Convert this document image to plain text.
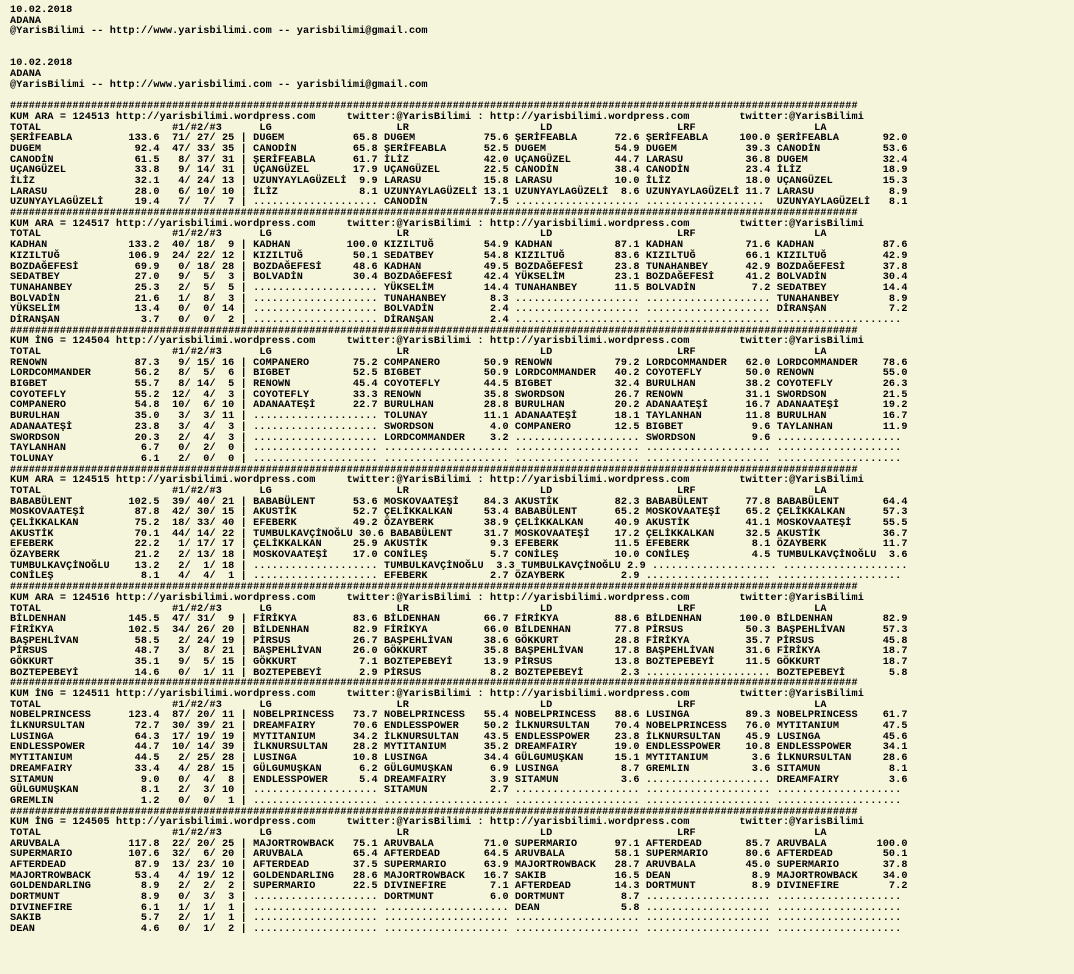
10.02.2018
ADANA
@YarisBilimi -- http://www.yarisbilimi.com -- yarisbilimi@gmail.com
10.02.2018
ADANA
@YarisBilimi -- http://www.yarisbilimi.com -- yarisbilimi@gmail.com
########################################################################################################################################
KUM ARA = 124513 http://yarisbilimi.wordpress.com     twitter:@YarisBilimi : http://yarisbilimi.wordpress.com        twitter:@YarisBilimi
TOTAL                     #1/#2/#3      LG                    LR                     LD                    LRF                   LA
ŞERİFEABLA         133.6  71/ 27/ 25 | DUGEM           65.8 DUGEM           75.6 ŞERİFEABLA      72.6 ŞERİFEABLA     100.0 ŞERİFEABLA       92.0
DUGEM               92.4  47/ 33/ 35 | CANODİN         65.8 ŞERİFEABLA      52.5 DUGEM           54.9 DUGEM           39.3 CANODİN          53.6
CANODİN             61.5   8/ 37/ 31 | ŞERİFEABLA      61.7 İLİZ            42.0 UÇANGÜZEL       44.7 LARASU          36.8 DUGEM            32.4
UÇANGÜZEL           33.8   9/ 14/ 31 | UÇANGÜZEL       17.9 UÇANGÜZEL       22.5 CANODİN         38.4 CANODİN         23.4 İLİZ             18.9
İLİZ                32.1   4/ 24/ 13 | UZUNYAYLAGÜZELİ  9.9 LARASU          15.8 LARASU          10.0 İLİZ            18.0 UÇANGÜZEL        15.3
LARASU              28.0   6/ 10/ 10 | İLİZ             8.1 UZUNYAYLAGÜZELİ 13.1 UZUNYAYLAGÜZELİ  8.6 UZUNYAYLAGÜZELİ 11.7 LARASU            8.9
UZUNYAYLAGÜZELİ     19.4   7/  7/  7 | .................... CANODİN          7.5 .................... ...................  UZUNYAYLAGÜZELİ   8.1
########################################################################################################################################
KUM ARA = 124517 http://yarisbilimi.wordpress.com     twitter:@YarisBilimi : http://yarisbilimi.wordpress.com        twitter:@YarisBilimi
TOTAL                     #1/#2/#3      LG                    LR                     LD                    LRF                   LA
KADHAN             133.2  40/ 18/  9 | KADHAN         100.0 KIZILTUĞ        54.9 KADHAN          87.1 KADHAN          71.6 KADHAN           87.6
KIZILTUĞ           106.9  24/ 22/ 12 | KIZILTUĞ        50.1 SEDATBEY        54.8 KIZILTUĞ        83.6 KIZILTUĞ        66.1 KIZILTUĞ         42.9
BOZDAĞEFESİ         69.9   0/ 18/ 28 | BOZDAĞEFESİ     48.6 KADHAN          49.5 BOZDAĞEFESİ     23.8 TUNAHANBEY      42.9 BOZDAĞEFESİ      37.8
SEDATBEY            27.0   9/  5/  3 | BOLVADİN        30.4 BOZDAĞEFESİ     42.4 YÜKSELİM        23.1 BOZDAĞEFESİ     41.2 BOLVADİN         30.4
TUNAHANBEY          25.3   2/  5/  5 | .................... YÜKSELİM        14.4 TUNAHANBEY      11.5 BOLVADİN         7.2 SEDATBEY         14.4
BOLVADİN            21.6   1/  8/  3 | .................... TUNAHANBEY       8.3 .................... .................... TUNAHANBEY        8.9
YÜKSELİM            13.4   0/  0/ 14 | .................... BOLVADİN         2.4 .................... .................... DİRANŞAN          7.2
DİRANŞAN             3.7   0/  0/  2 | .................... DİRANŞAN         2.4 .................... .................... ....................
########################################################################################################################################
KUM İNG = 124504 http://yarisbilimi.wordpress.com     twitter:@YarisBilimi : http://yarisbilimi.wordpress.com        twitter:@YarisBilimi
TOTAL                     #1/#2/#3      LG                    LR                     LD                    LRF                   LA
RENOWN              87.3   9/ 15/ 16 | COMPANERO       75.2 COMPANERO       50.9 RENOWN          79.2 LORDCOMMANDER   62.0 LORDCOMMANDER    78.6
LORDCOMMANDER       56.2   8/  5/  6 | BIGBET          52.5 BIGBET          50.9 LORDCOMMANDER   40.2 COYOTEFLY       50.0 RENOWN           55.0
BIGBET              55.7   8/ 14/  5 | RENOWN          45.4 COYOTEFLY       44.5 BIGBET          32.4 BURULHAN        38.2 COYOTEFLY        26.3
COYOTEFLY           55.2  12/  4/  3 | COYOTEFLY       33.3 RENOWN          35.8 SWORDSON        26.7 RENOWN          31.1 SWORDSON         21.5
COMPANERO           54.8  10/  6/ 10 | ADANAATEŞİ      22.7 BURULHAN        28.8 BURULHAN        20.2 ADANAATEŞİ      16.7 ADANAATEŞİ       19.2
BURULHAN            35.0   3/  3/ 11 | .................... TOLUNAY         11.1 ADANAATEŞİ      18.1 TAYLANHAN       11.8 BURULHAN         16.7
ADANAATEŞİ          23.8   3/  4/  3 | .................... SWORDSON         4.0 COMPANERO       12.5 BIGBET           9.6 TAYLANHAN        11.9
SWORDSON            20.3   2/  4/  3 | .................... LORDCOMMANDER    3.2 .................... SWORDSON         9.6 ....................
TAYLANHAN            6.7   0/  2/  0 | .................... .................... .................... .................... ....................
TOLUNAY              6.1   2/  0/  0 | .................... .................... .................... .................... ....................
########################################################################################################################################
KUM ARA = 124515 http://yarisbilimi.wordpress.com     twitter:@YarisBilimi : http://yarisbilimi.wordpress.com        twitter:@YarisBilimi
TOTAL                     #1/#2/#3      LG                    LR                     LD                    LRF                   LA
BABABÜLENT         102.5  39/ 40/ 21 | BABABÜLENT      53.6 MOSKOVAATEŞİ    84.3 AKUSTİK         82.3 BABABÜLENT      77.8 BABABÜLENT       64.4
MOSKOVAATEŞİ        87.8  42/ 30/ 15 | AKUSTİK         52.7 ÇELİKKALKAN     53.4 BABABÜLENT      65.2 MOSKOVAATEŞİ    65.2 ÇELİKKALKAN      57.3
ÇELİKKALKAN         75.2  18/ 33/ 40 | EFEBERK         49.2 ÖZAYBERK        38.9 ÇELİKKALKAN     40.9 AKUSTİK         41.1 MOSKOVAATEŞİ     55.5
AKUSTİK             70.1  44/ 14/ 22 | TUMBULKAVÇİNOĞLU 30.6 BABABÜLENT     31.7 MOSKOVAATEŞİ    17.2 ÇELİKKALKAN     32.5 AKUSTİK          36.7
EFEBERK             22.2   1/ 17/ 17 | ÇELİKKALKAN     25.9 AKUSTİK          9.3 EFEBERK         11.5 EFEBERK          8.1 ÖZAYBERK         11.7
ÖZAYBERK            21.2   2/ 13/ 18 | MOSKOVAATEŞİ    17.0 CONİLEŞ          5.7 CONİLEŞ         10.0 CONİLEŞ          4.5 TUMBULKAVÇİNOĞLU  3.6
TUMBULKAVÇİNOĞLU    13.2   2/  1/ 18 | .................... TUMBULKAVÇİNOĞLU  3.3 TUMBULKAVÇİNOĞLU 2.9 .................... ....................
CONİLEŞ              8.1   4/  4/  1 | .................... EFEBERK          2.7 ÖZAYBERK         2.9 .................... ....................
########################################################################################################################################
KUM ARA = 124516 http://yarisbilimi.wordpress.com     twitter:@YarisBilimi : http://yarisbilimi.wordpress.com        twitter:@YarisBilimi
TOTAL                     #1/#2/#3      LG                    LR                     LD                    LRF                   LA
BİLDENHAN          145.5  47/ 31/  9 | FİRİKYA         83.6 BİLDENHAN       66.7 FİRİKYA         88.6 BİLDENHAN      100.0 BİLDENHAN        82.9
FİRİKYA            102.5  34/ 26/ 20 | BİLDENHAN       82.9 FİRİKYA         66.0 BİLDENHAN       77.8 PİRSUS          50.3 BAŞPEHLİVAN      57.3
BAŞPEHLİVAN         58.5   2/ 24/ 19 | PİRSUS          26.7 BAŞPEHLİVAN     38.6 GÖKKURT         28.8 FİRİKYA         35.7 PİRSUS           45.8
PİRSUS              48.7   3/  8/ 21 | BAŞPEHLİVAN     26.0 GÖKKURT         35.8 BAŞPEHLİVAN     17.8 BAŞPEHLİVAN     31.6 FİRİKYA          18.7
GÖKKURT             35.1   9/  5/ 15 | GÖKKURT          7.1 BOZTEPEBEYİ     13.9 PİRSUS          13.8 BOZTEPEBEYİ     11.5 GÖKKURT          18.7
BOZTEPEBEYİ         14.6   0/  1/ 11 | BOZTEPEBEYİ      2.9 PİRSUS           8.2 BOZTEPEBEYİ      2.3 .................... BOZTEPEBEYİ       5.8
########################################################################################################################################
KUM İNG = 124511 http://yarisbilimi.wordpress.com     twitter:@YarisBilimi : http://yarisbilimi.wordpress.com        twitter:@YarisBilimi
TOTAL                     #1/#2/#3      LG                    LR                     LD                    LRF                   LA
NOBELPRINCESS      123.4  87/ 20/ 11 | NOBELPRINCESS   73.7 NOBELPRINCESS   55.4 NOBELPRINCESS   88.6 LUSINGA         89.3 NOBELPRINCESS    61.7
İLKNURSULTAN        72.7  30/ 39/ 21 | DREAMFAIRY      70.6 ENDLESSPOWER    50.2 İLKNURSULTAN    70.4 NOBELPRINCESS   76.0 MYTITANIUM       47.5
LUSINGA             64.3  17/ 19/ 19 | MYTITANIUM      34.2 İLKNURSULTAN    43.5 ENDLESSPOWER    23.8 İLKNURSULTAN    45.9 LUSINGA          45.6
ENDLESSPOWER        44.7  10/ 14/ 39 | İLKNURSULTAN    28.2 MYTITANIUM      35.2 DREAMFAIRY      19.0 ENDLESSPOWER    10.8 ENDLESSPOWER     34.1
MYTITANIUM          44.5   2/ 25/ 28 | LUSINGA         10.8 LUSINGA         34.4 GÜLGUMUŞKAN     15.1 MYTITANIUM       3.6 İLKNURSULTAN     28.6
DREAMFAIRY          33.4   4/ 28/ 15 | GÜLGUMUŞKAN      6.2 GÜLGUMUŞKAN      6.9 LUSINGA          8.7 GREMLIN          3.6 SITAMUN           8.1
SITAMUN              9.0   0/  4/  8 | ENDLESSPOWER     5.4 DREAMFAIRY       3.9 SITAMUN          3.6 .................... DREAMFAIRY        3.6
GÜLGUMUŞKAN          8.1   2/  3/ 10 | .................... SITAMUN          2.7 .................... .................... ....................
GREMLIN              1.2   0/  0/  1 | .................... .................... .................... .................... ....................
########################################################################################################################################
KUM İNG = 124505 http://yarisbilimi.wordpress.com     twitter:@YarisBilimi : http://yarisbilimi.wordpress.com        twitter:@YarisBilimi
TOTAL                     #1/#2/#3      LG                    LR                     LD                    LRF                   LA
ARUVBALA           117.8  22/ 20/ 25 | MAJORTROWBACK   75.1 ARUVBALA        71.0 SUPERMARIO      97.1 AFTERDEAD       85.7 ARUVBALA        100.0
SUPERMARIO         107.6  32/  6/ 20 | ARUVBALA        65.4 AFTERDEAD       64.5 ARUVBALA        58.1 SUPERMARIO      80.6 AFTERDEAD        50.1
AFTERDEAD           87.9  13/ 23/ 10 | AFTERDEAD       37.5 SUPERMARIO      63.9 MAJORTROWBACK   28.7 ARUVBALA        45.0 SUPERMARIO       37.8
MAJORTROWBACK       53.4   4/ 19/ 12 | GOLDENDARLING   28.6 MAJORTROWBACK   16.7 SAKIB           16.5 DEAN             8.9 MAJORTROWBACK    34.0
GOLDENDARLING        8.9   2/  2/  2 | SUPERMARIO      22.5 DIVINEFIRE       7.1 AFTERDEAD       14.3 DORTMUNT         8.9 DIVINEFIRE        7.2
DORTMUNT             8.9   0/  3/  3 | .................... DORTMUNT         6.0 DORTMUNT         8.7 .................... ....................
DIVINEFIRE           6.1   1/  1/  1 | .................... .................... DEAN             5.8 .................... ....................
SAKIB                5.7   2/  1/  1 | .................... .................... .................... .................... ....................
DEAN                 4.6   0/  1/  2 | .................... .................... .................... .................... ....................
